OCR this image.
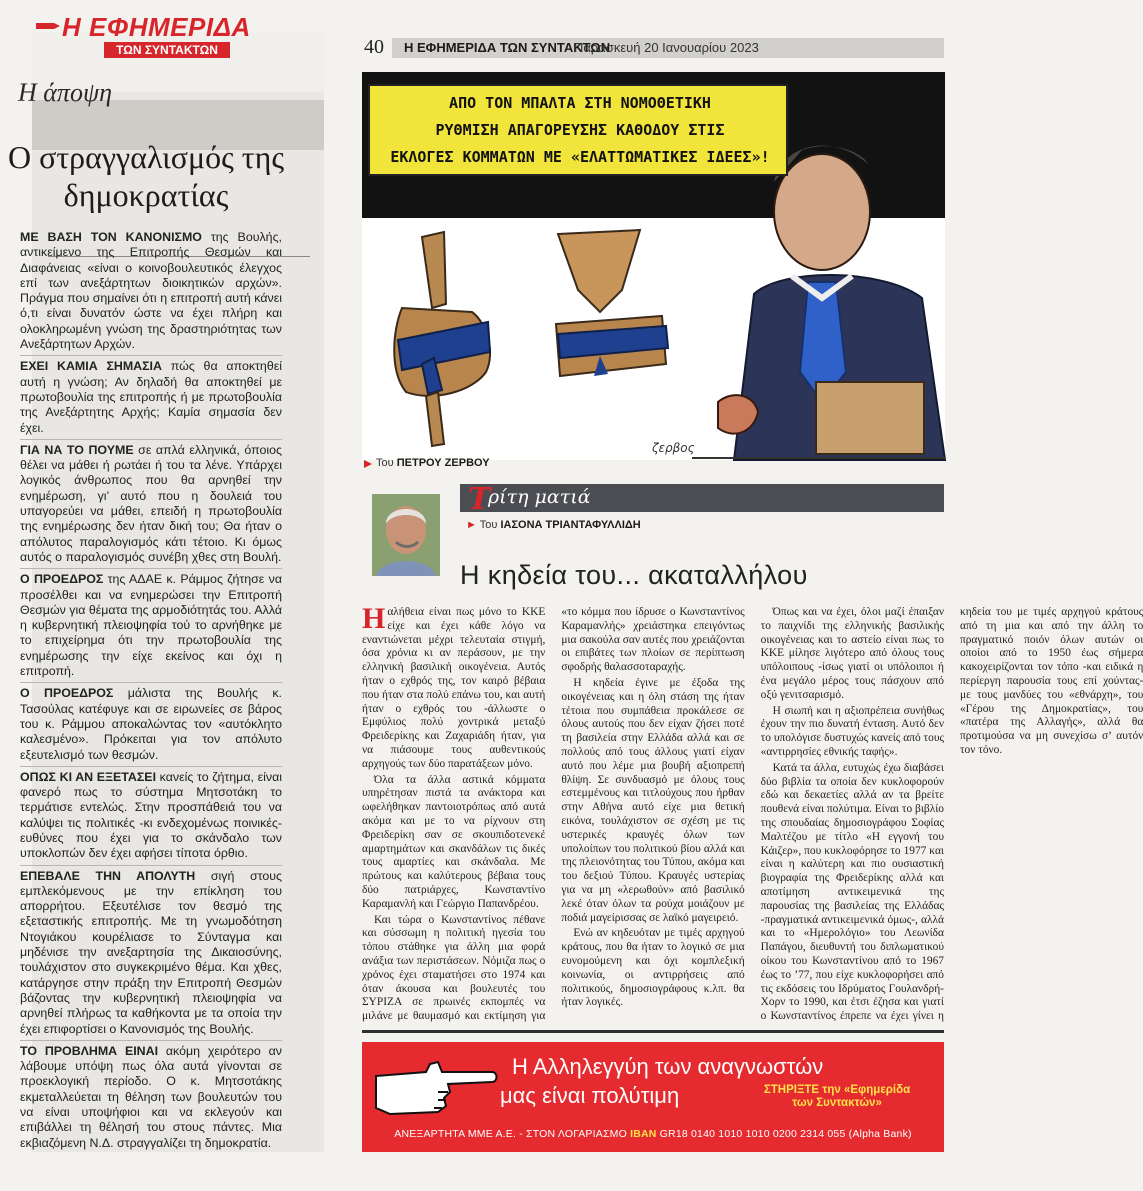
Η ΕΦΗΜΕΡΙΔΑ
ΤΩΝ ΣΥΝΤΑΚΤΩΝ
Η άποψη
Ο στραγγαλισμός της δημοκρατίας

ΜΕ ΒΑΣΗ ΤΟΝ ΚΑΝΟΝΙΣΜΟ της Βουλής, αντικείμενο της Επιτροπής Θεσμών και Διαφάνειας «είναι ο κοινοβουλευτικός έλεγχος επί των ανεξάρτητων διοικητικών αρχών». Πράγμα που σημαίνει ότι η επιτροπή αυτή κάνει ό,τι είναι δυνατόν ώστε να έχει πλήρη και ολοκληρωμένη γνώση της δραστηριότητας των Ανεξάρτητων Αρχών.

ΕΧΕΙ ΚΑΜΙΑ ΣΗΜΑΣΙΑ πώς θα αποκτηθεί αυτή η γνώση; Αν δηλαδή θα αποκτηθεί με πρωτοβουλία της επιτροπής ή με πρωτοβουλία της Ανεξάρτητης Αρχής; Καμία σημασία δεν έχει.

ΓΙΑ ΝΑ ΤΟ ΠΟΥΜΕ σε απλά ελληνικά, όποιος θέλει να μάθει ή ρωτάει ή του τα λένε. Υπάρχει λογικός άνθρωπος που θα αρνηθεί την ενημέρωση, γι’ αυτό που η δουλειά του υπαγορεύει να μάθει, επειδή η πρωτοβουλία της ενημέρωσης δεν ήταν δική του; Θα ήταν ο απόλυτος παραλογισμός κάτι τέτοιο. Κι όμως αυτός ο παραλογισμός συνέβη χθες στη Βουλή.

Ο ΠΡΟΕΔΡΟΣ της ΑΔΑΕ κ. Ράμμος ζήτησε να προσέλθει και να ενημερώσει την Επιτροπή Θεσμών για θέματα της αρμοδιότητάς του. Αλλά η κυβερνητική πλειοψηφία τού το αρνήθηκε με το επιχείρημα ότι την πρωτοβουλία της ενημέρωσης την είχε εκείνος και όχι η επιτροπή.

Ο ΠΡΟΕΔΡΟΣ μάλιστα της Βουλής κ. Τασούλας κατέφυγε και σε ειρωνείες σε βάρος του κ. Ράμμου αποκαλώντας τον «αυτόκλητο καλεσμένο». Πρόκειται για τον απόλυτο εξευτελισμό των θεσμών.

ΟΠΩΣ ΚΙ ΑΝ ΕΞΕΤΑΣΕΙ κανείς το ζήτημα, είναι φανερό πως το σύστημα Μητσοτάκη το τερμάτισε εντελώς. Στην προσπάθειά του να καλύψει τις πολιτικές -κι ενδεχομένως ποινικές- ευθύνες που έχει για το σκάνδαλο των υποκλοπών δεν έχει αφήσει τίποτα όρθιο.

ΕΠΕΒΑΛΕ ΤΗΝ ΑΠΟΛΥΤΗ σιγή στους εμπλεκόμενους με την επίκληση του απορρήτου. Εξευτέλισε τον θεσμό της εξεταστικής επιτροπής. Με τη γνωμοδότηση Ντογιάκου κουρέλιασε το Σύνταγμα και μηδένισε την ανεξαρτησία της Δικαιοσύνης, τουλάχιστον στο συγκεκριμένο θέμα. Και χθες, κατάργησε στην πράξη την Επιτροπή Θεσμών βάζοντας την κυβερνητική πλειοψηφία να αρνηθεί πλήρως τα καθήκοντα με τα οποία την έχει επιφορτίσει ο Κανονισμός της Βουλής.

ΤΟ ΠΡΟΒΛΗΜΑ ΕΙΝΑΙ ακόμη χειρότερο αν λάβουμε υπόψη πως όλα αυτά γίνονται σε προεκλογική περίοδο. Ο κ. Μητσοτάκης εκμεταλλεύεται τη θέληση των βουλευτών του να είναι υποψήφιοι και να εκλεγούν και επιβάλλει τη θέλησή του στους πάντες. Μια εκβιαζόμενη Ν.Δ. στραγγαλίζει τη δημοκρατία.

40 Η ΕΦΗΜΕΡΙΔΑ ΤΩΝ ΣΥΝΤΑΚΤΩΝ
Παρασκευή 20 Ιανουαρίου 2023
ζερβος
ΑΠΟ ΤΟΝ ΜΠΑΛΤΑ ΣΤΗ ΝΟΜΟΘΕΤΙΚΗ
ΡΥΘΜΙΣΗ ΑΠΑΓΟΡΕΥΣΗΣ ΚΑΘΟΔΟΥ ΣΤΙΣ
ΕΚΛΟΓΕΣ ΚΟΜΜΑΤΩΝ ΜΕ «ΕΛΑΤΤΩΜΑΤΙΚΕΣ ΙΔΕΕΣ»!
Του ΠΕΤΡΟΥ ΖΕΡΒΟΥ
Τ
ρίτη ματιά
► Του ΙΑΣΟΝΑ ΤΡΙΑΝΤΑΦΥΛΛΙΔΗ
Η κηδεία του... ακαταλλήλου

Ηαλήθεια είναι πως μόνο το ΚΚΕ είχε και έχει κάθε λόγο να εναντιώνεται μέχρι τελευταία στιγμή, όσα χρόνια κι αν περάσουν, με την ελληνική βασιλική οικογένεια. Αυτός ήταν ο εχθρός της, τον καιρό βέβαια που ήταν στα πολύ επάνω του, και αυτή ήταν ο εχθρός του -άλλωστε ο Εμφύλιος πολύ χοντρικά μεταξύ Φρειδερίκης και Ζαχαριάδη ήταν, για να πιάσουμε τους αυθεντικούς αρχηγούς των δύο παρατάξεων μόνο.

Όλα τα άλλα αστικά κόμματα υπηρέτησαν πιστά τα ανάκτορα και ωφελήθηκαν παντοιοτρόπως από αυτά ακόμα και με το να ρίχνουν στη Φρειδερίκη σαν σε σκουπιδοτενεκέ αμαρτημάτων και σκανδάλων τις δικές τους αμαρτίες και σκάνδαλα. Με πρώτους και καλύτερους βέβαια τους δύο πατριάρχες, Κωνσταντίνο Καραμανλή και Γεώργιο Παπανδρέου.

Και τώρα ο Κωνσταντίνος πέθανε και σύσσωμη η πολιτική ηγεσία του τόπου στάθηκε για άλλη μια φορά ανάξια των περιστάσεων. Νόμιζα πως ο χρόνος έχει σταματήσει στο 1974 και όταν άκουσα και βουλευτές του ΣΥΡΙΖΑ σε πρωινές εκπομπές να μιλάνε με θαυμασμό και εκτίμηση για «το κόμμα που ίδρυσε ο Κωνσταντίνος Καραμανλής» χρειάστηκα επειγόντως μια σακούλα σαν αυτές που χρειάζονται οι επιβάτες των πλοίων σε περίπτωση σφοδρής θαλασσοταραχής.

Η κηδεία έγινε με έξοδα της οικογένειας και η όλη στάση της ήταν τέτοια που συμπάθεια προκάλεσε σε όλους αυτούς που δεν είχαν ζήσει ποτέ τη βασιλεία στην Ελλάδα αλλά και σε πολλούς από τους άλλους γιατί είχαν αυτό που λέμε μια βουβή αξιοπρεπή θλίψη. Σε συνδυασμό με όλους τους εστεμμένους και τιτλούχους που ήρθαν στην Αθήνα αυτό είχε μια θετική εικόνα, τουλάχιστον σε σχέση με τις υστερικές κραυγές όλων των υπολοίπων του πολιτικού βίου αλλά και της πλειονότητας του Τύπου, ακόμα και του δεξιού Τύπου. Κραυγές υστερίας για να μη «λερωθούν» από βασιλικό λεκέ όταν όλων τα ρούχα μοιάζουν με ποδιά μαγείρισσας σε λαϊκό μαγειρειό.

Ενώ αν κηδευόταν με τιμές αρχηγού κράτους, που θα ήταν το λογικό σε μια ευνομούμενη και όχι κομπλεξική κοινωνία, οι αντιρρήσεις από πολιτικούς, δημοσιογράφους κ.λπ. θα ήταν λογικές.

Όπως και να έχει, όλοι μαζί έπαιξαν το παιχνίδι της ελληνικής βασιλικής οικογένειας και το αστείο είναι πως το ΚΚΕ μίλησε λιγότερο από όλους τους υπόλοιπους -ίσως γιατί οι υπόλοιποι ή ένα μεγάλο μέρος τους πάσχουν από οξύ γενιτσαρισμό.

Η σιωπή και η αξιοπρέπεια συνήθως έχουν την πιο δυνατή ένταση. Αυτό δεν το υπολόγισε δυστυχώς κανείς από τους «αντιρρησίες εθνικής ταφής».

Κατά τα άλλα, ευτυχώς έχω διαβάσει δύο βιβλία τα οποία δεν κυκλοφορούν εδώ και δεκαετίες αλλά αν τα βρείτε πουθενά είναι πολύτιμα. Είναι το βιβλίο της σπουδαίας δημοσιογράφου Σοφίας Μαλτέζου με τίτλο «Η εγγονή του Κάιζερ», που κυκλοφόρησε το 1977 και είναι η καλύτερη και πιο ουσιαστική βιογραφία της Φρειδερίκης αλλά και αποτίμηση αντικειμενικά της παρουσίας της βασιλείας της Ελλάδας -πραγματικά αντικειμενικά όμως-, αλλά και το «Ημερολόγιο» του Λεωνίδα Παπάγου, διευθυντή του διπλωματικού οίκου του Κωνσταντίνου από το 1967 έως το ’77, που είχε κυκλοφορήσει από τις εκδόσεις του Ιδρύματος Γουλανδρή-Χορν το 1990, και έτσι έζησα και γιατί ο Κωνσταντίνος έπρεπε να έχει γίνει η κηδεία του με τιμές αρχηγού κράτους από τη μια και από την άλλη το πραγματικό ποιόν όλων αυτών οι οποίοι από το 1950 έως σήμερα κακοχειρίζονται τον τόπο -και ειδικά η περίεργη παρουσία τους επί χούντας- με τους μανδύες του «εθνάρχη», του «Γέρου της Δημοκρατίας», του «πατέρα της Αλλαγής», αλλά θα προτιμούσα να μη συνεχίσω σ’ αυτόν τον τόνο.

Η Αλληλεγγύη των αναγνωστών
μας είναι πολύτιμη	ΣΤΗΡΙΞΤΕ την «Εφημερίδα
των Συντακτών»
ΑΝΕΞΑΡΤΗΤΑ ΜΜΕ Α.Ε. - ΣΤΟΝ ΛΟΓΑΡΙΑΣΜΟ IBAN GR18 0140 1010 1010 0200 2314 055 (Alpha Bank)
